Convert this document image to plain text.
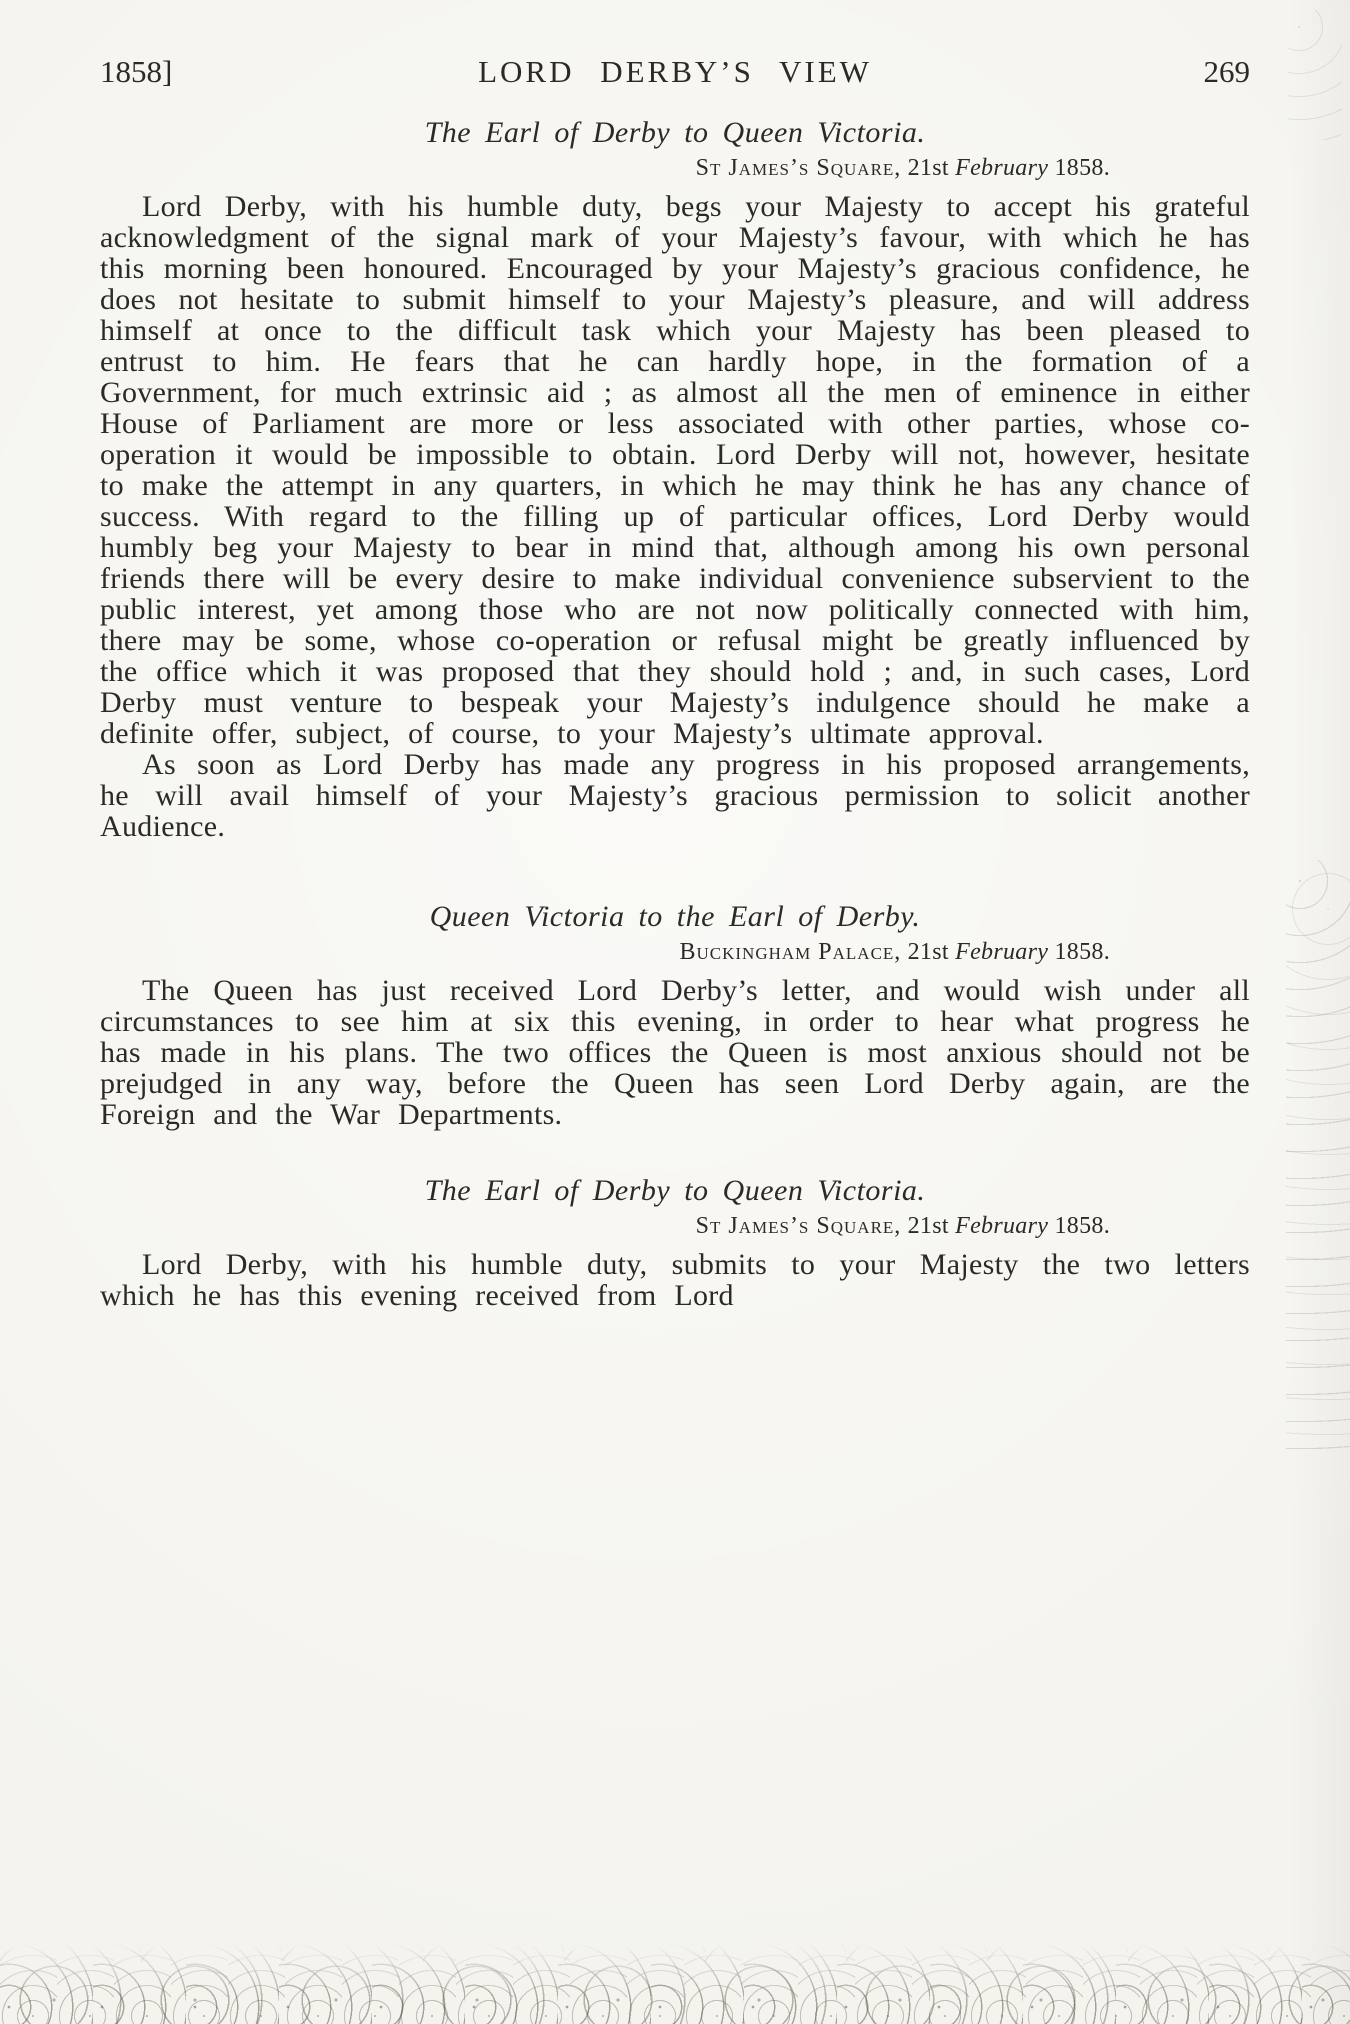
1858]	LORD DERBY’S VIEW	269
The Earl of Derby to Queen Victoria.

St James’s Square, 21st February 1858.

Lord Derby, with his humble duty, begs your Majesty to accept his grateful acknowledgment of the signal mark of your Majesty’s favour, with which he has this morning been honoured. Encouraged by your Majesty’s gracious confidence, he does not hesitate to submit himself to your Majesty’s pleasure, and will address himself at once to the difficult task which your Majesty has been pleased to entrust to him. He fears that he can hardly hope, in the formation of a Government, for much extrinsic aid ; as almost all the men of eminence in either House of Parliament are more or less associated with other parties, whose co-operation it would be impossible to obtain. Lord Derby will not, however, hesitate to make the attempt in any quarters, in which he may think he has any chance of success. With regard to the filling up of particular offices, Lord Derby would humbly beg your Majesty to bear in mind that, although among his own personal friends there will be every desire to make individual convenience subservient to the public interest, yet among those who are not now politically connected with him, there may be some, whose co-operation or refusal might be greatly influenced by the office which it was proposed that they should hold ; and, in such cases, Lord Derby must venture to bespeak your Majesty’s indulgence should he make a definite offer, subject, of course, to your Majesty’s ultimate approval.

As soon as Lord Derby has made any progress in his proposed arrangements, he will avail himself of your Majesty’s gracious permission to solicit another Audience.

Queen Victoria to the Earl of Derby.

Buckingham Palace, 21st February 1858.

The Queen has just received Lord Derby’s letter, and would wish under all circumstances to see him at six this evening, in order to hear what progress he has made in his plans. The two offices the Queen is most anxious should not be prejudged in any way, before the Queen has seen Lord Derby again, are the Foreign and the War Departments.

The Earl of Derby to Queen Victoria.

St James’s Square, 21st February 1858.

Lord Derby, with his humble duty, submits to your Majesty the two letters which he has this evening received from Lord
